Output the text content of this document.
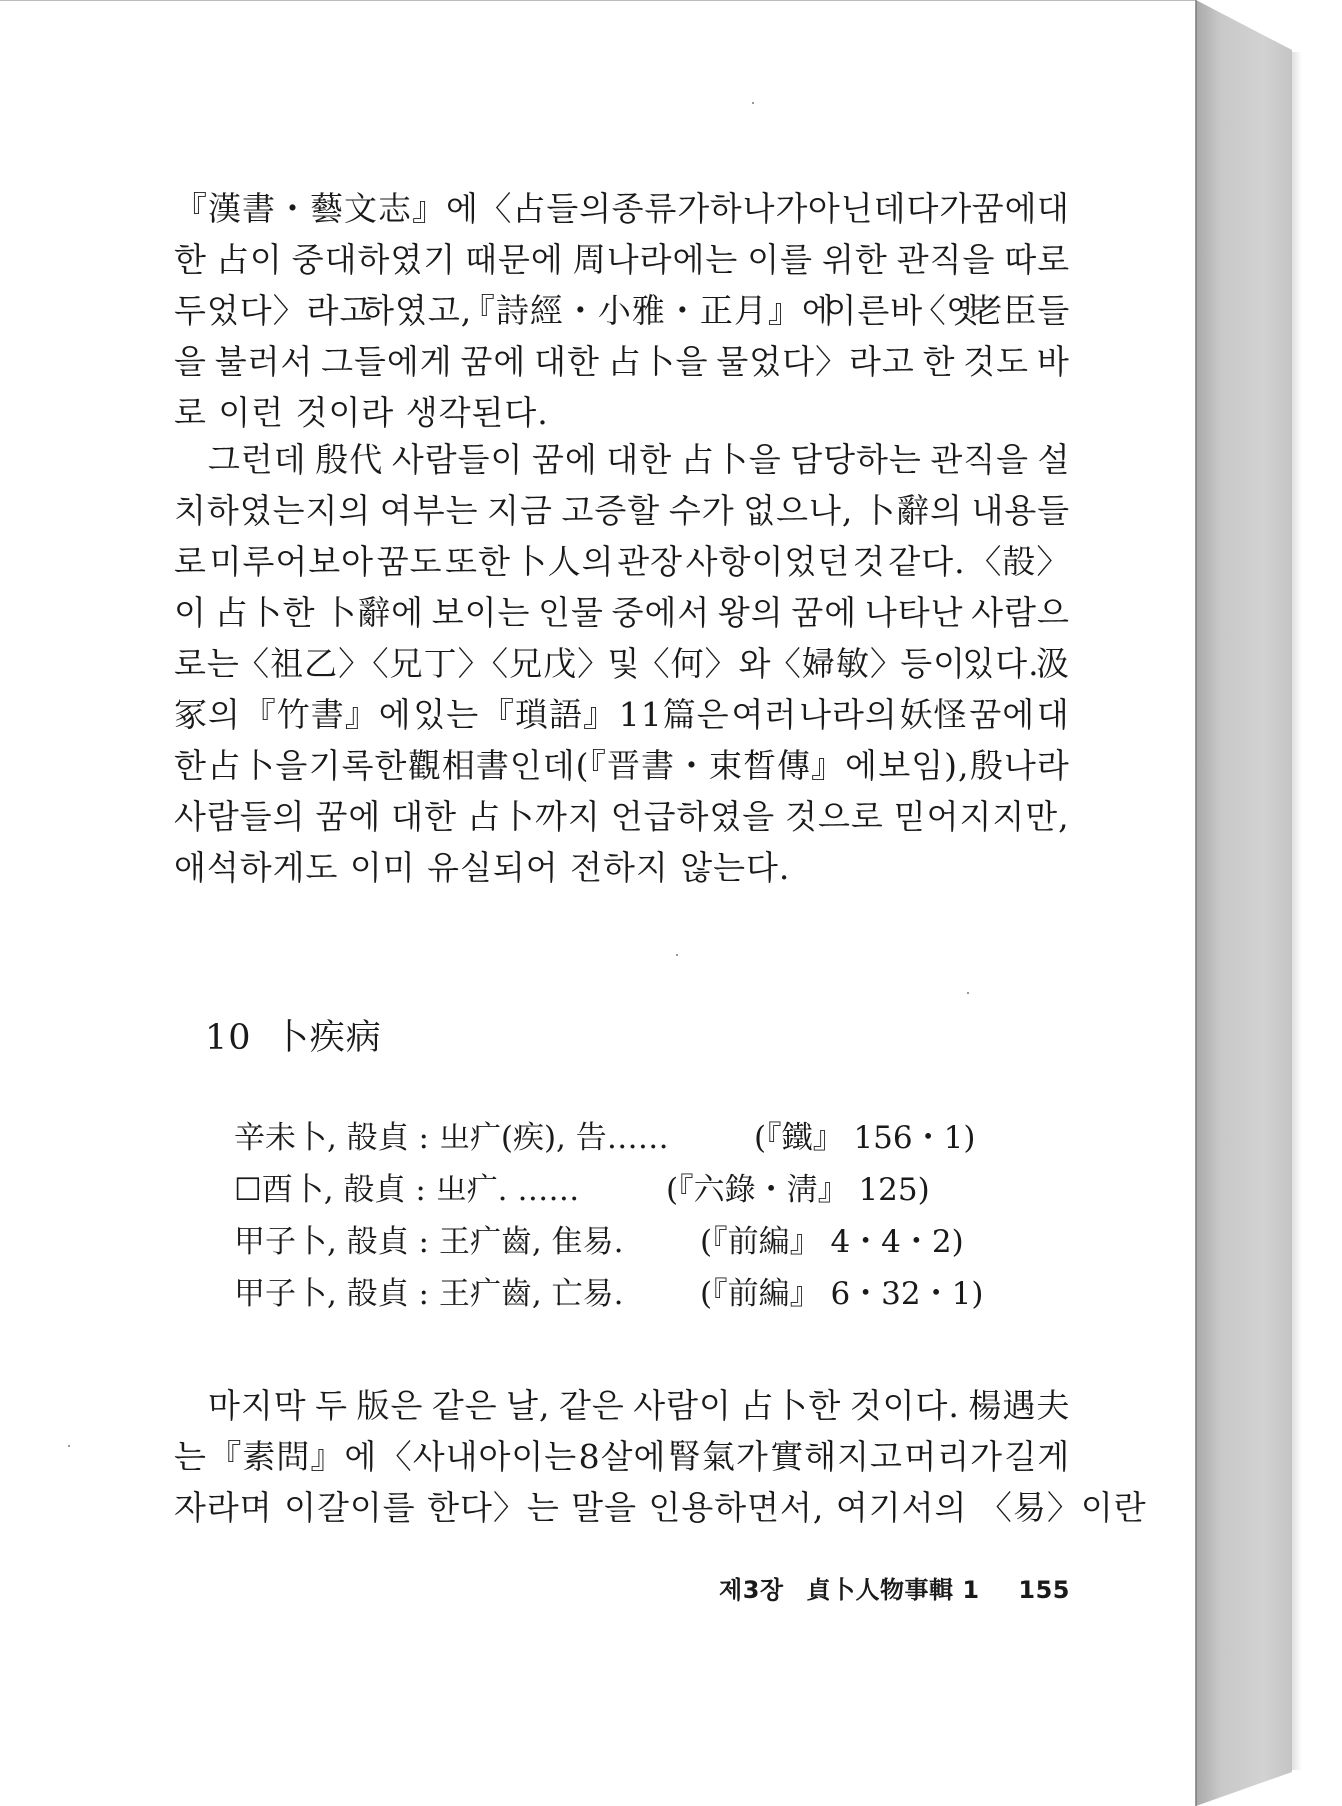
『漢書・藝文志』에 〈占들의 종류가 하나가 아닌데다가 꿈에 대
한 占이 중대하였기 때문에 周나라에는 이를 위한 관직을 따로
두었다〉라고 하였고, 『詩經・小雅・正月』에 이른바 〈옛 老臣들
을 불러서 그들에게 꿈에 대한 占卜을 물었다〉라고 한 것도 바
로 이런 것이라 생각된다.

그런데 殷代 사람들이 꿈에 대한 占卜을 담당하는 관직을 설
치하였는지의 여부는 지금 고증할 수가 없으나, 卜辭의 내용들
로 미루어보아 꿈도 또한 卜人의 관장 사항이었던 것 같다. 〈㱿〉
이 占卜한 卜辭에 보이는 인물 중에서 왕의 꿈에 나타난 사람으
로는 〈祖乙〉〈兄丁〉〈兄戊〉 및 〈何〉와 〈婦敏〉 등이 있다. 汲
冢의 『竹書』에 있는 『瑣語』 11篇은 여러 나라의 妖怪 꿈에 대
한 占卜을 기록한 觀相書인데(『晋書・束晳傳』에 보임), 殷나라
사람들의 꿈에 대한 占卜까지 언급하였을 것으로 믿어지지만,
애석하게도 이미 유실되어 전하지 않는다.

10 卜疾病
辛未卜, 㱿貞 : 㞢疒(疾), 告……	(『鐵』 156・1)
☐酉卜, 㱿貞 : 㞢疒. ……	(『六錄・淸』 125)
甲子卜, 㱿貞 : 王疒齒, 隹易.	(『前編』 4・4・2)
甲子卜, 㱿貞 : 王疒齒, 亡易.	(『前編』 6・32・1)

마지막 두 版은 같은 날, 같은 사람이 占卜한 것이다. 楊遇夫
는 『素問』에 〈사내아이는 8살에 腎氣가 實해지고 머리가 길게
자라며 이갈이를 한다〉는 말을 인용하면서, 여기서의 〈易〉이란

제3장 貞卜人物事輯 1 155
